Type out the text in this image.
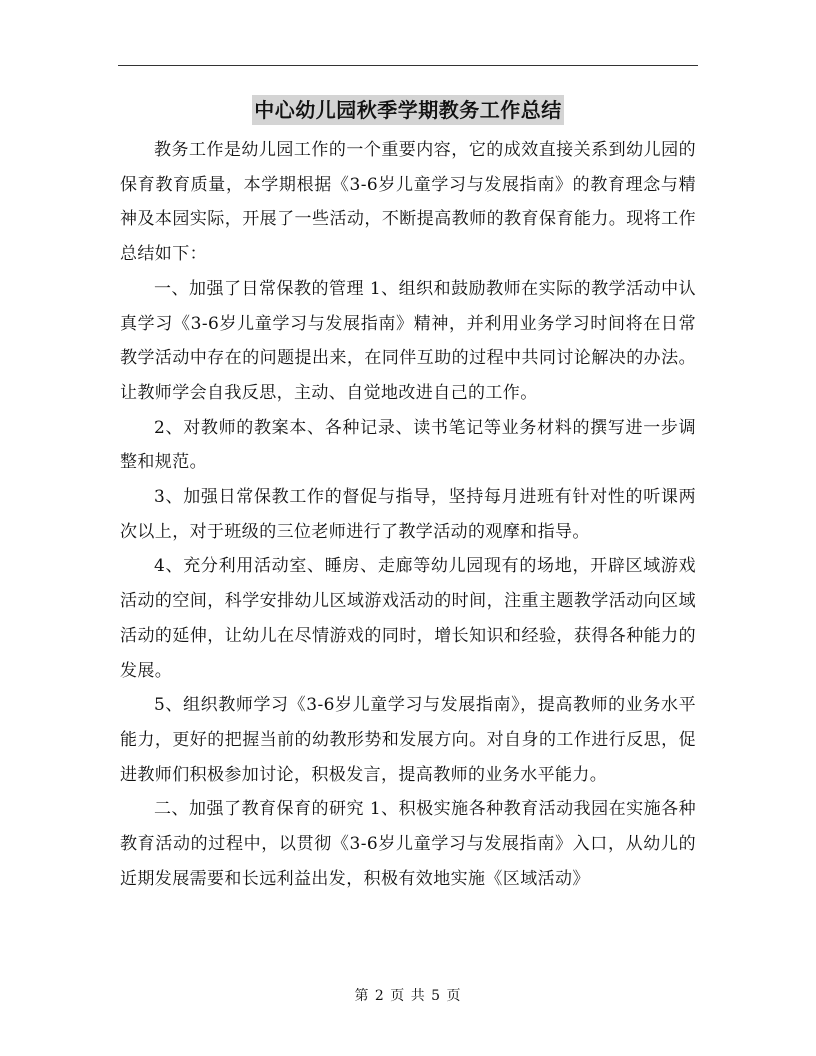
中心幼儿园秋季学期教务工作总结

教务工作是幼儿园工作的一个重要内容，它的成效直接关系到幼儿园的保育教育质量，本学期根据《3-6岁儿童学习与发展指南》的教育理念与精神及本园实际，开展了一些活动，不断提高教师的教育保育能力。现将工作总结如下：

一、加强了日常保教的管理 1、组织和鼓励教师在实际的教学活动中认真学习《3-6岁儿童学习与发展指南》精神，并利用业务学习时间将在日常教学活动中存在的问题提出来，在同伴互助的过程中共同讨论解决的办法。让教师学会自我反思，主动、自觉地改进自己的工作。

2、对教师的教案本、各种记录、读书笔记等业务材料的撰写进一步调整和规范。

3、加强日常保教工作的督促与指导，坚持每月进班有针对性的听课两次以上，对于班级的三位老师进行了教学活动的观摩和指导。

4、充分利用活动室、睡房、走廊等幼儿园现有的场地，开辟区域游戏活动的空间，科学安排幼儿区域游戏活动的时间，注重主题教学活动向区域活动的延伸，让幼儿在尽情游戏的同时，增长知识和经验，获得各种能力的发展。

5、组织教师学习《3-6岁儿童学习与发展指南》，提高教师的业务水平能力，更好的把握当前的幼教形势和发展方向。对自身的工作进行反思，促进教师们积极参加讨论，积极发言，提高教师的业务水平能力。

二、加强了教育保育的研究 1、积极实施各种教育活动我园在实施各种教育活动的过程中，以贯彻《3-6岁儿童学习与发展指南》入口，从幼儿的近期发展需要和长远利益出发，积极有效地实施《区域活动》

第 2 页 共 5 页
